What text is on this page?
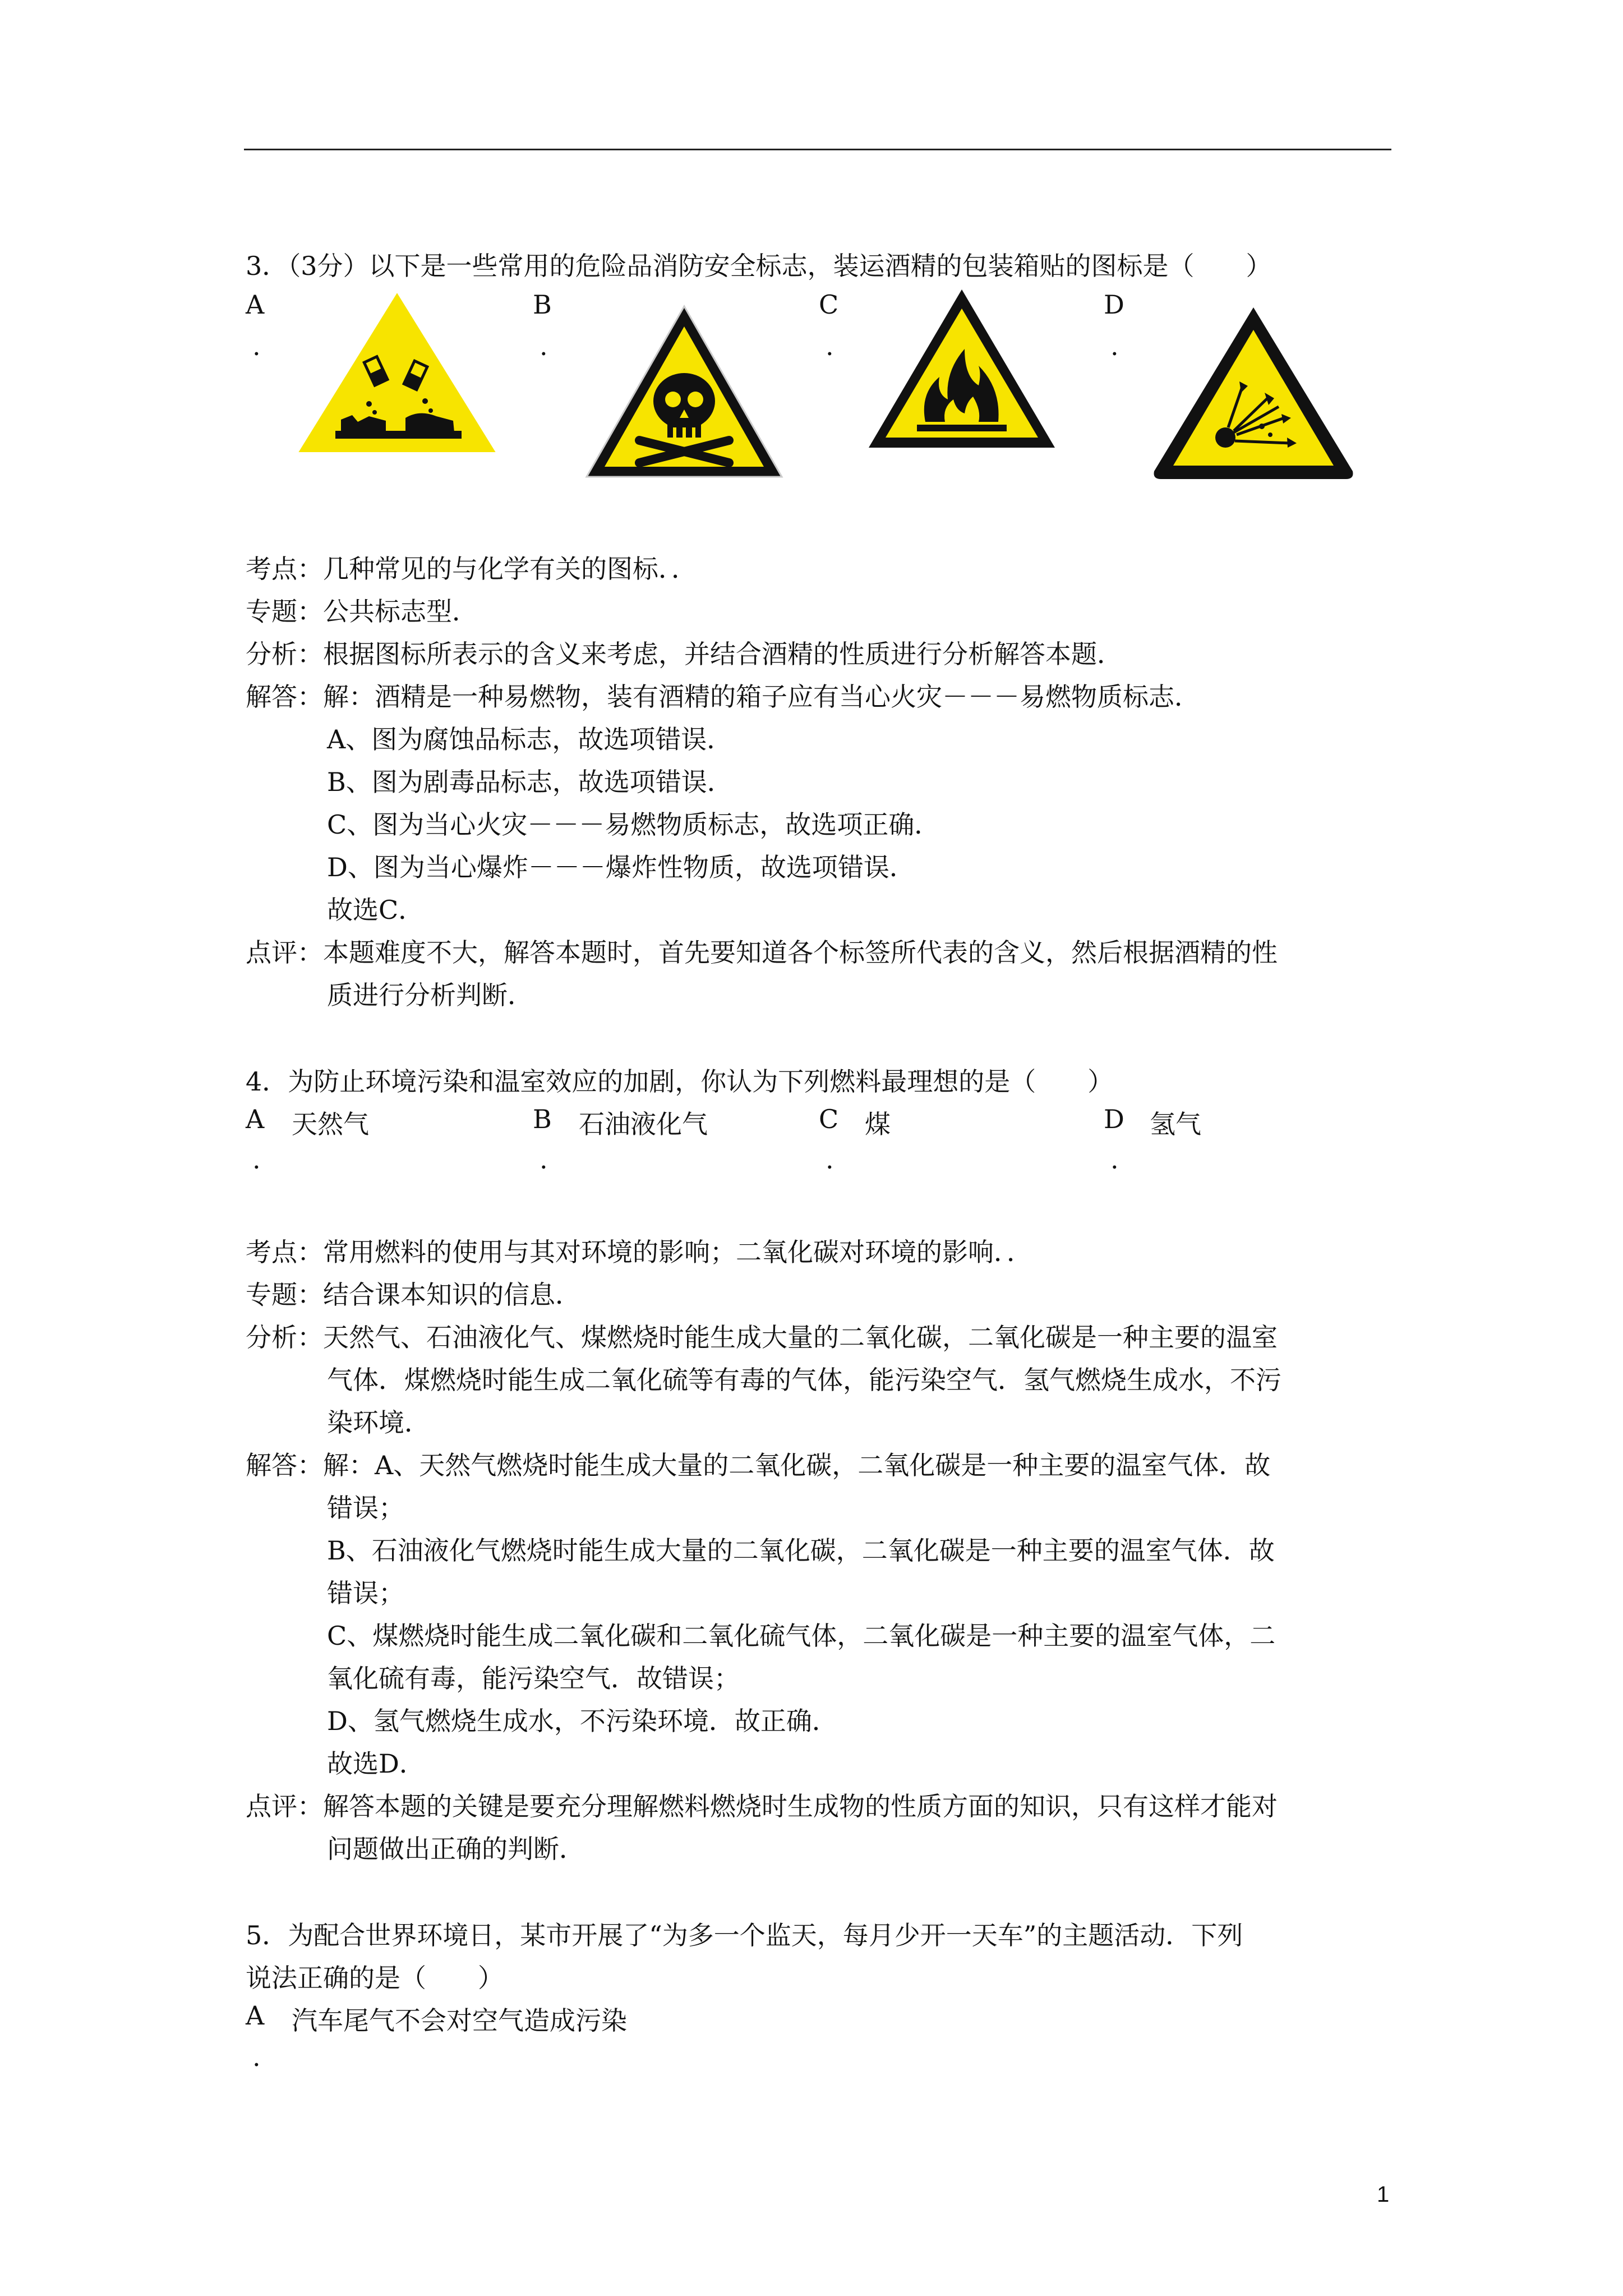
3．（3分）以下是一些常用的危险品消防安全标志，装运酒精的包装箱贴的图标是（　　）
A
.
B
.
C
.
D
.
考点：几种常见的与化学有关的图标．．
专题：公共标志型．
分析：根据图标所表示的含义来考虑，并结合酒精的性质进行分析解答本题．
解答：解：酒精是一种易燃物，装有酒精的箱子应有当心火灾－－－易燃物质标志．
A、图为腐蚀品标志，故选项错误．
B、图为剧毒品标志，故选项错误．
C、图为当心火灾－－－易燃物质标志，故选项正确．
D、图为当心爆炸－－－爆炸性物质，故选项错误．
故选C．
点评：本题难度不大，解答本题时，首先要知道各个标签所代表的含义，然后根据酒精的性
质进行分析判断．
4．为防止环境污染和温室效应的加剧，你认为下列燃料最理想的是（　　）
A 天然气
.
B 石油液化气
.
C 煤
.
D 氢气
.
考点：常用燃料的使用与其对环境的影响；二氧化碳对环境的影响．．
专题：结合课本知识的信息．
分析：天然气、石油液化气、煤燃烧时能生成大量的二氧化碳，二氧化碳是一种主要的温室
气体．煤燃烧时能生成二氧化硫等有毒的气体，能污染空气．氢气燃烧生成水，不污
染环境．
解答：解：A、天然气燃烧时能生成大量的二氧化碳，二氧化碳是一种主要的温室气体．故
错误；
B、石油液化气燃烧时能生成大量的二氧化碳，二氧化碳是一种主要的温室气体．故
错误；
C、煤燃烧时能生成二氧化碳和二氧化硫气体，二氧化碳是一种主要的温室气体，二
氧化硫有毒，能污染空气．故错误；
D、氢气燃烧生成水，不污染环境．故正确．
故选D．
点评：解答本题的关键是要充分理解燃料燃烧时生成物的性质方面的知识，只有这样才能对
问题做出正确的判断．
5．为配合世界环境日，某市开展了“为多一个监天，每月少开一天车”的主题活动．下列
说法正确的是（　　）
A 汽车尾气不会对空气造成污染
.
1
